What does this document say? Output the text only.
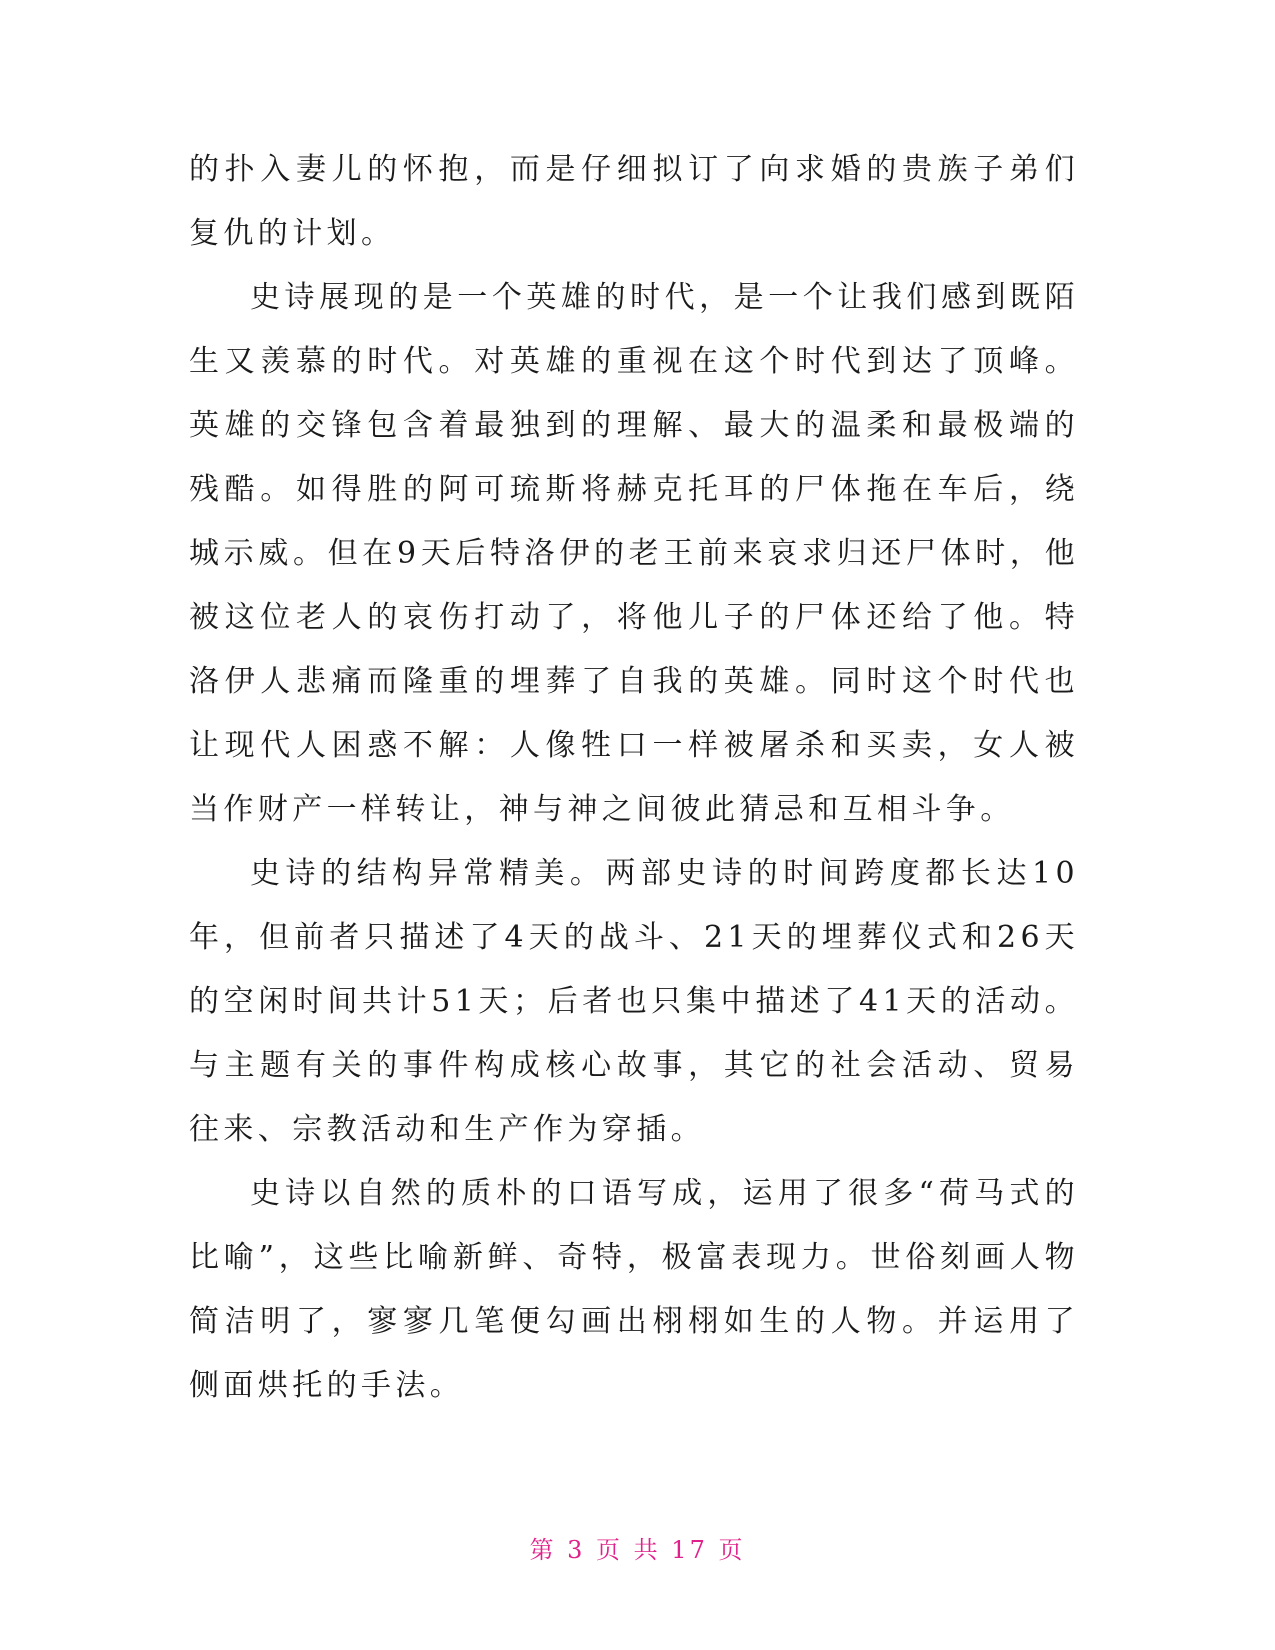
的扑入妻儿的怀抱，而是仔细拟订了向求婚的贵族子弟们复仇的计划。

史诗展现的是一个英雄的时代，是一个让我们感到既陌生又羡慕的时代。对英雄的重视在这个时代到达了顶峰。英雄的交锋包含着最独到的理解、最大的温柔和最极端的残酷。如得胜的阿可琉斯将赫克托耳的尸体拖在车后，绕城示威。但在9天后特洛伊的老王前来哀求归还尸体时，他被这位老人的哀伤打动了，将他儿子的尸体还给了他。特洛伊人悲痛而隆重的埋葬了自我的英雄。同时这个时代也让现代人困惑不解：人像牲口一样被屠杀和买卖，女人被当作财产一样转让，神与神之间彼此猜忌和互相斗争。

史诗的结构异常精美。两部史诗的时间跨度都长达10年，但前者只描述了4天的战斗、21天的埋葬仪式和26天的空闲时间共计51天；后者也只集中描述了41天的活动。与主题有关的事件构成核心故事，其它的社会活动、贸易往来、宗教活动和生产作为穿插。

史诗以自然的质朴的口语写成，运用了很多“荷马式的比喻”，这些比喻新鲜、奇特，极富表现力。世俗刻画人物简洁明了，寥寥几笔便勾画出栩栩如生的人物。并运用了侧面烘托的手法。

第 3 页 共 17 页
